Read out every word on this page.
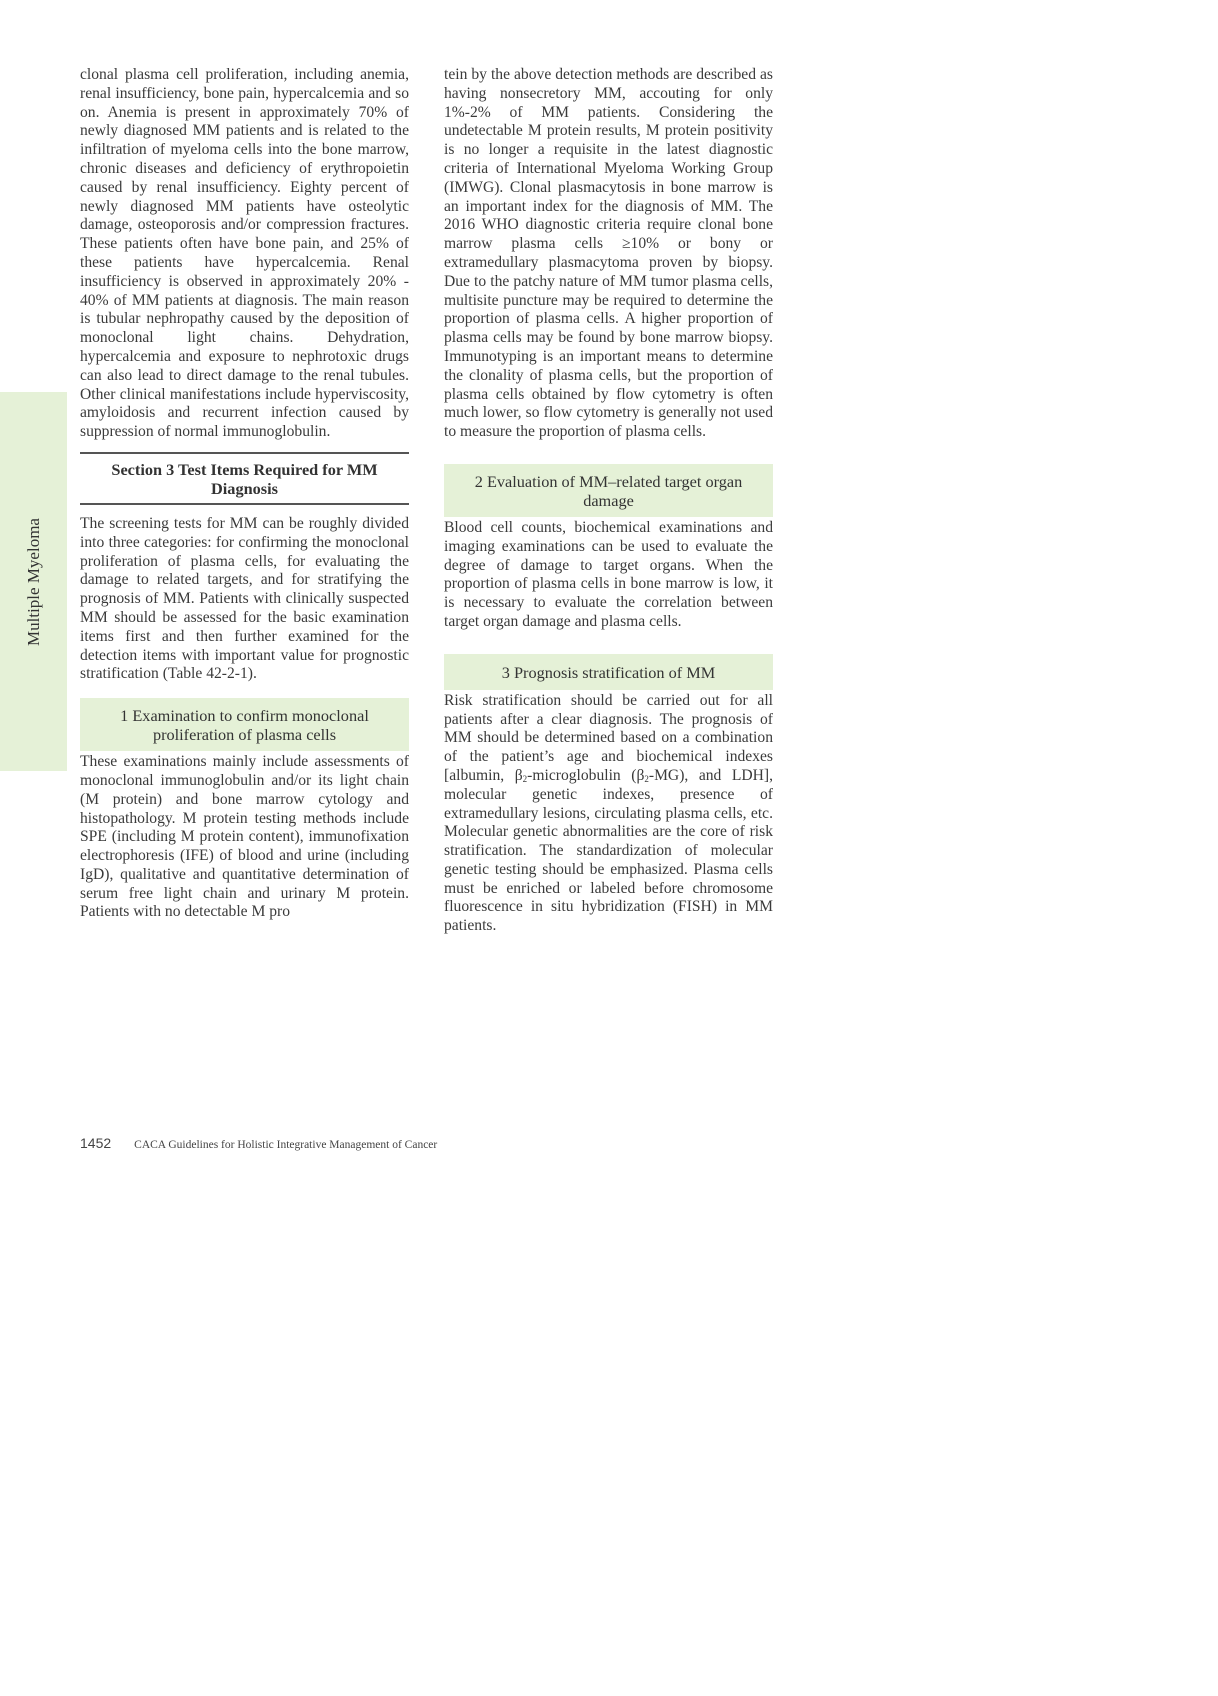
Multiple Myeloma

clonal plasma cell proliferation, including anemia, renal insufficiency, bone pain, hypercalcemia and so on. Anemia is present in approximately 70% of newly diagnosed MM patients and is related to the infiltration of myeloma cells into the bone marrow, chronic diseases and deficiency of erythropoietin caused by renal insufficiency. Eighty percent of newly diagnosed MM patients have osteolytic damage, osteoporosis and/or compression fractures. These patients often have bone pain, and 25% of these patients have hypercalcemia. Renal insufficiency is observed in approximately 20% - 40% of MM patients at diagnosis. The main reason is tubular nephropathy caused by the deposition of monoclonal light chains. Dehydration, hypercalcemia and exposure to nephrotoxic drugs can also lead to direct damage to the renal tubules. Other clinical manifestations include hyperviscosity, amyloidosis and recurrent infection caused by suppression of normal immunoglobulin.

Section 3 Test Items Required for MM Diagnosis

The screening tests for MM can be roughly divided into three categories: for confirming the monoclonal proliferation of plasma cells, for evaluating the damage to related targets, and for stratifying the prognosis of MM. Patients with clinically suspected MM should be assessed for the basic examination items first and then further examined for the detection items with important value for prognostic stratification (Table 42-2-1).

1 Examination to confirm monoclonal proliferation of plasma cells

These examinations mainly include assessments of monoclonal immunoglobulin and/or its light chain (M protein) and bone marrow cytology and histopathology. M protein testing methods include SPE (including M protein content), immunofixation electrophoresis (IFE) of blood and urine (including IgD), qualitative and quantitative determination of serum free light chain and urinary M protein. Patients with no detectable M pro

tein by the above detection methods are described as having nonsecretory MM, accouting for only 1%-2% of MM patients. Considering the undetectable M protein results, M protein positivity is no longer a requisite in the latest diagnostic criteria of International Myeloma Working Group (IMWG). Clonal plasmacytosis in bone marrow is an important index for the diagnosis of MM. The 2016 WHO diagnostic criteria require clonal bone marrow plasma cells ≥10% or bony or extramedullary plasmacytoma proven by biopsy. Due to the patchy nature of MM tumor plasma cells, multisite puncture may be required to determine the proportion of plasma cells. A higher proportion of plasma cells may be found by bone marrow biopsy. Immunotyping is an important means to determine the clonality of plasma cells, but the proportion of plasma cells obtained by flow cytometry is often much lower, so flow cytometry is generally not used to measure the proportion of plasma cells.

2 Evaluation of MM–related target organ damage

Blood cell counts, biochemical examinations and imaging examinations can be used to evaluate the degree of damage to target organs. When the proportion of plasma cells in bone marrow is low, it is necessary to evaluate the correlation between target organ damage and plasma cells.

3 Prognosis stratification of MM

Risk stratification should be carried out for all patients after a clear diagnosis. The prognosis of MM should be determined based on a combination of the patient’s age and biochemical indexes [albumin, $\beta_2$-microglobulin $(\beta_2-MG)$, and LDH], molecular genetic indexes, presence of extramedullary lesions, circulating plasma cells, etc. Molecular genetic abnormalities are the core of risk stratification. The standardization of molecular genetic testing should be emphasized. Plasma cells must be enriched or labeled before chromosome fluorescence in situ hybridization (FISH) in MM patients.

1452 CACA Guidelines for Holistic Integrative Management of Cancer
